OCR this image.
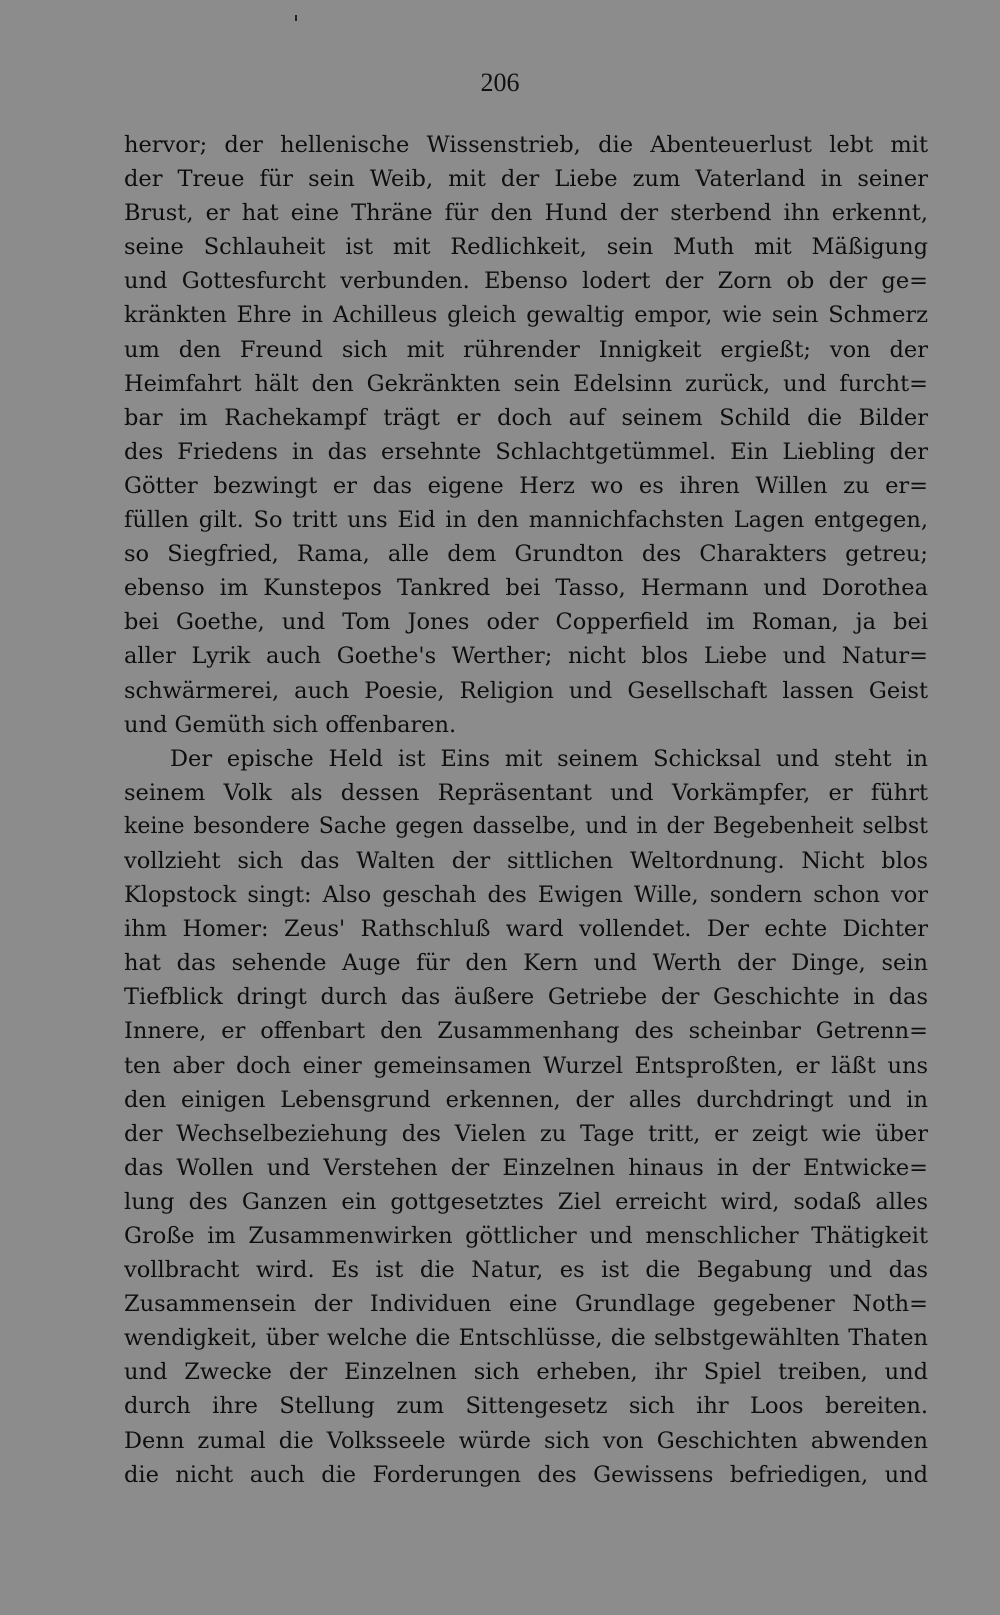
206
hervor; der hellenische Wissenstrieb, die Abenteuerlust lebt mit
der Treue für sein Weib, mit der Liebe zum Vaterland in seiner
Brust, er hat eine Thräne für den Hund der sterbend ihn erkennt,
seine Schlauheit ist mit Redlichkeit, sein Muth mit Mäßigung
und Gottesfurcht verbunden. Ebenso lodert der Zorn ob der ge=
kränkten Ehre in Achilleus gleich gewaltig empor, wie sein Schmerz
um den Freund sich mit rührender Innigkeit ergießt; von der
Heimfahrt hält den Gekränkten sein Edelsinn zurück, und furcht=
bar im Rachekampf trägt er doch auf seinem Schild die Bilder
des Friedens in das ersehnte Schlachtgetümmel. Ein Liebling der
Götter bezwingt er das eigene Herz wo es ihren Willen zu er=
füllen gilt. So tritt uns Eid in den mannichfachsten Lagen entgegen,
so Siegfried, Rama, alle dem Grundton des Charakters getreu;
ebenso im Kunstepos Tankred bei Tasso, Hermann und Dorothea
bei Goethe, und Tom Jones oder Copperfield im Roman, ja bei
aller Lyrik auch Goethe's Werther; nicht blos Liebe und Natur=
schwärmerei, auch Poesie, Religion und Gesellschaft lassen Geist
und Gemüth sich offenbaren.
Der epische Held ist Eins mit seinem Schicksal und steht in
seinem Volk als dessen Repräsentant und Vorkämpfer, er führt
keine besondere Sache gegen dasselbe, und in der Begebenheit selbst
vollzieht sich das Walten der sittlichen Weltordnung. Nicht blos
Klopstock singt: Also geschah des Ewigen Wille, sondern schon vor
ihm Homer: Zeus' Rathschluß ward vollendet. Der echte Dichter
hat das sehende Auge für den Kern und Werth der Dinge, sein
Tiefblick dringt durch das äußere Getriebe der Geschichte in das
Innere, er offenbart den Zusammenhang des scheinbar Getrenn=
ten aber doch einer gemeinsamen Wurzel Entsproßten, er läßt uns
den einigen Lebensgrund erkennen, der alles durchdringt und in
der Wechselbeziehung des Vielen zu Tage tritt, er zeigt wie über
das Wollen und Verstehen der Einzelnen hinaus in der Entwicke=
lung des Ganzen ein gottgesetztes Ziel erreicht wird, sodaß alles
Große im Zusammenwirken göttlicher und menschlicher Thätigkeit
vollbracht wird. Es ist die Natur, es ist die Begabung und das
Zusammensein der Individuen eine Grundlage gegebener Noth=
wendigkeit, über welche die Entschlüsse, die selbstgewählten Thaten
und Zwecke der Einzelnen sich erheben, ihr Spiel treiben, und
durch ihre Stellung zum Sittengesetz sich ihr Loos bereiten.
Denn zumal die Volksseele würde sich von Geschichten abwenden
die nicht auch die Forderungen des Gewissens befriedigen, und
